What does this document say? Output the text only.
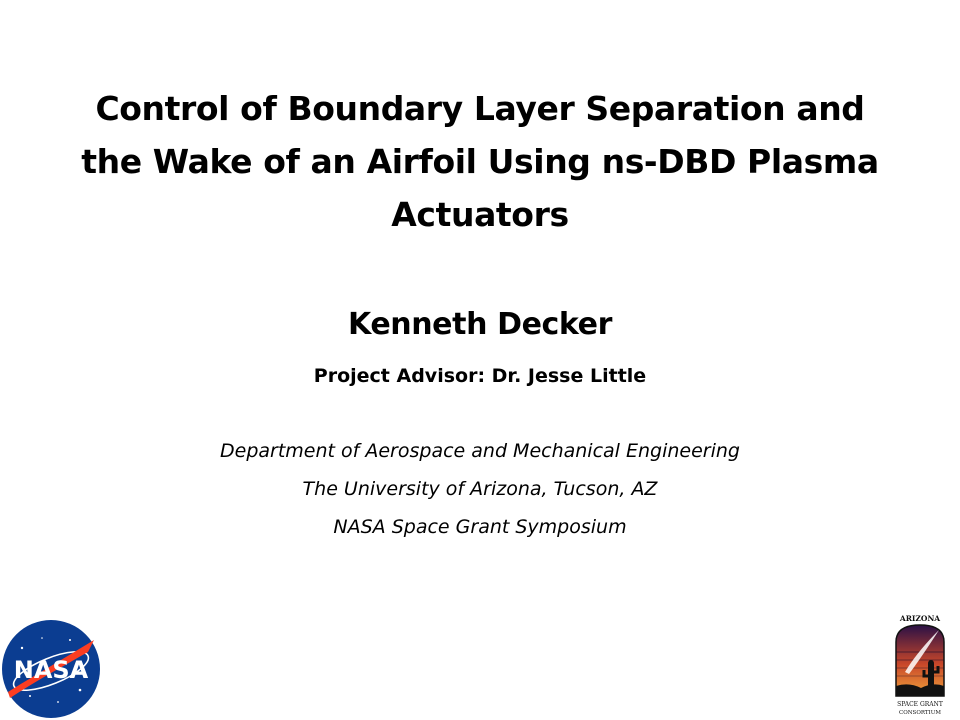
Control of Boundary Layer Separation and
the Wake of an Airfoil Using ns-DBD Plasma
Actuators
Kenneth Decker
Project Advisor: Dr. Jesse Little
Department of Aerospace and Mechanical Engineering
The University of Arizona, Tucson, AZ
NASA Space Grant Symposium
NASA
ARIZONA
SPACE GRANT
CONSORTIUM
